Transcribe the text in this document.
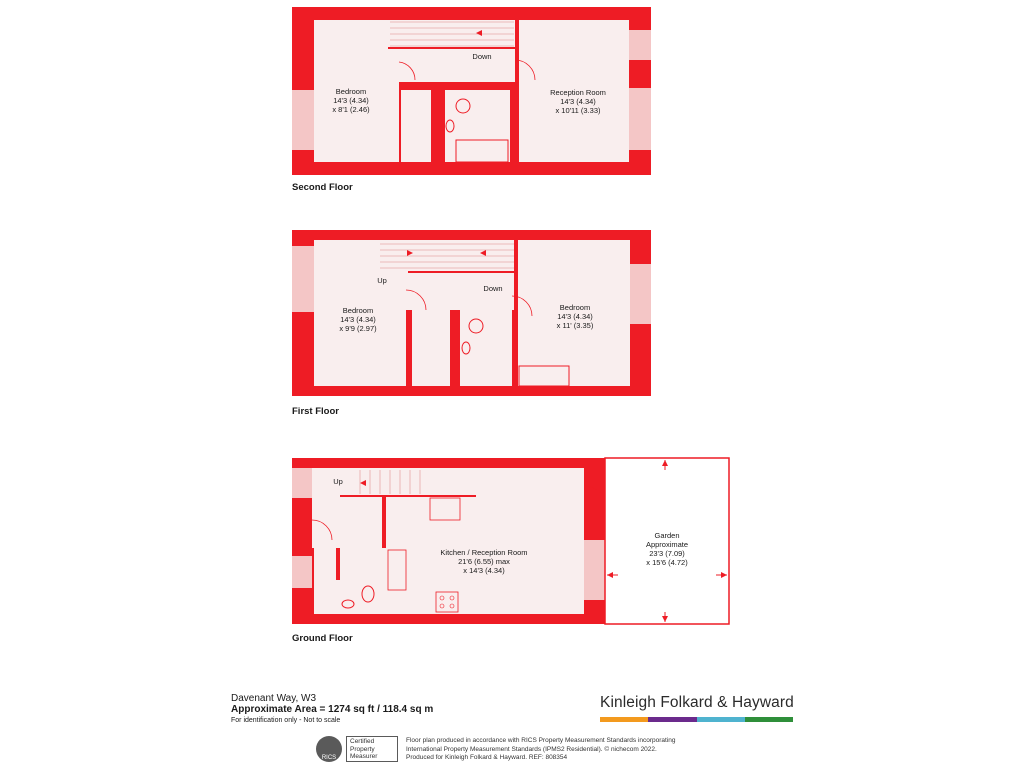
Bedroom
14'3 (4.34)
x 8'1 (2.46)
Reception Room
14'3 (4.34)
x 10'11 (3.33)
Down
Second Floor
Bedroom
14'3 (4.34)
x 9'9 (2.97)
Bedroom
14'3 (4.34)
x 11' (3.35)
Up
Down
First Floor
Kitchen / Reception Room
21'6 (6.55) max
x 14'3 (4.34)
Garden
Approximate
23'3 (7.09)
x 15'6 (4.72)
Up
Ground Floor
Davenant Way, W3
Approximate Area = 1274 sq ft / 118.4 sq m
For identification only - Not to scale
Kinleigh Folkard & Hayward
RICS
Certified
Property
Measurer
Floor plan produced in accordance with RICS Property Measurement Standards incorporating
International Property Measurement Standards (IPMS2 Residential). © nichecom 2022.
Produced for Kinleigh Folkard & Hayward. REF: 808354
